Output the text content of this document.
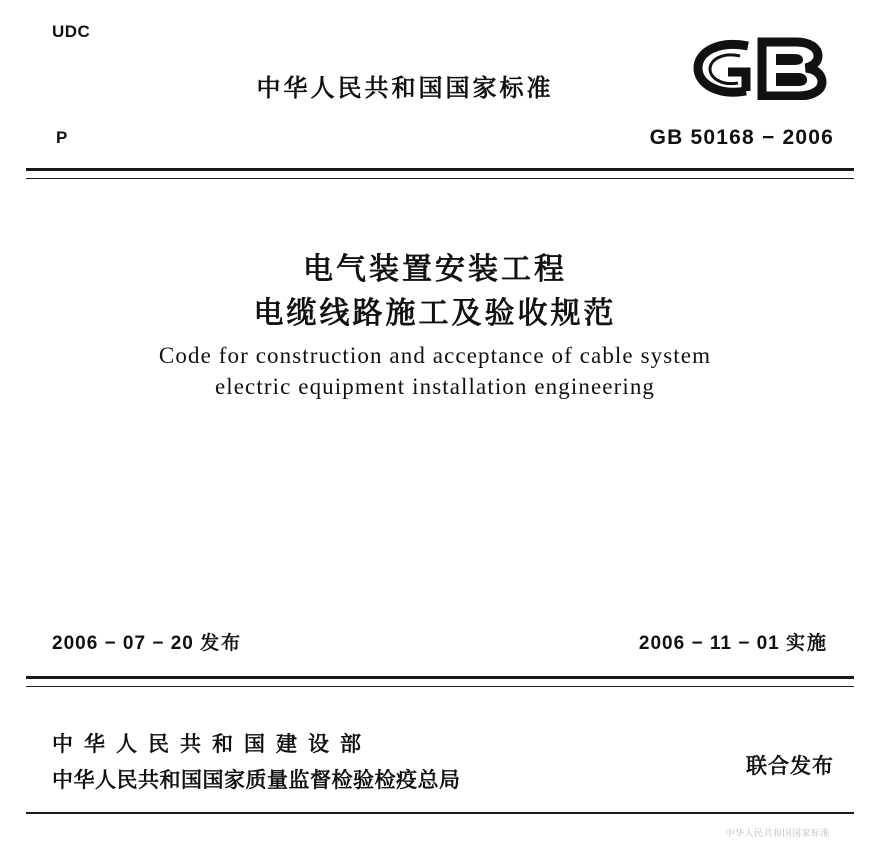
UDC
中华人民共和国国家标准
P	GB 50168 − 2006
电气装置安装工程
电缆线路施工及验收规范
Code for construction and acceptance of cable system
electric equipment installation engineering
2006 − 07 − 20 发布	2006 − 11 − 01 实施
中华人民共和国建设部
中华人民共和国国家质量监督检验检疫总局
联合发布
中华人民共和国国家标准
